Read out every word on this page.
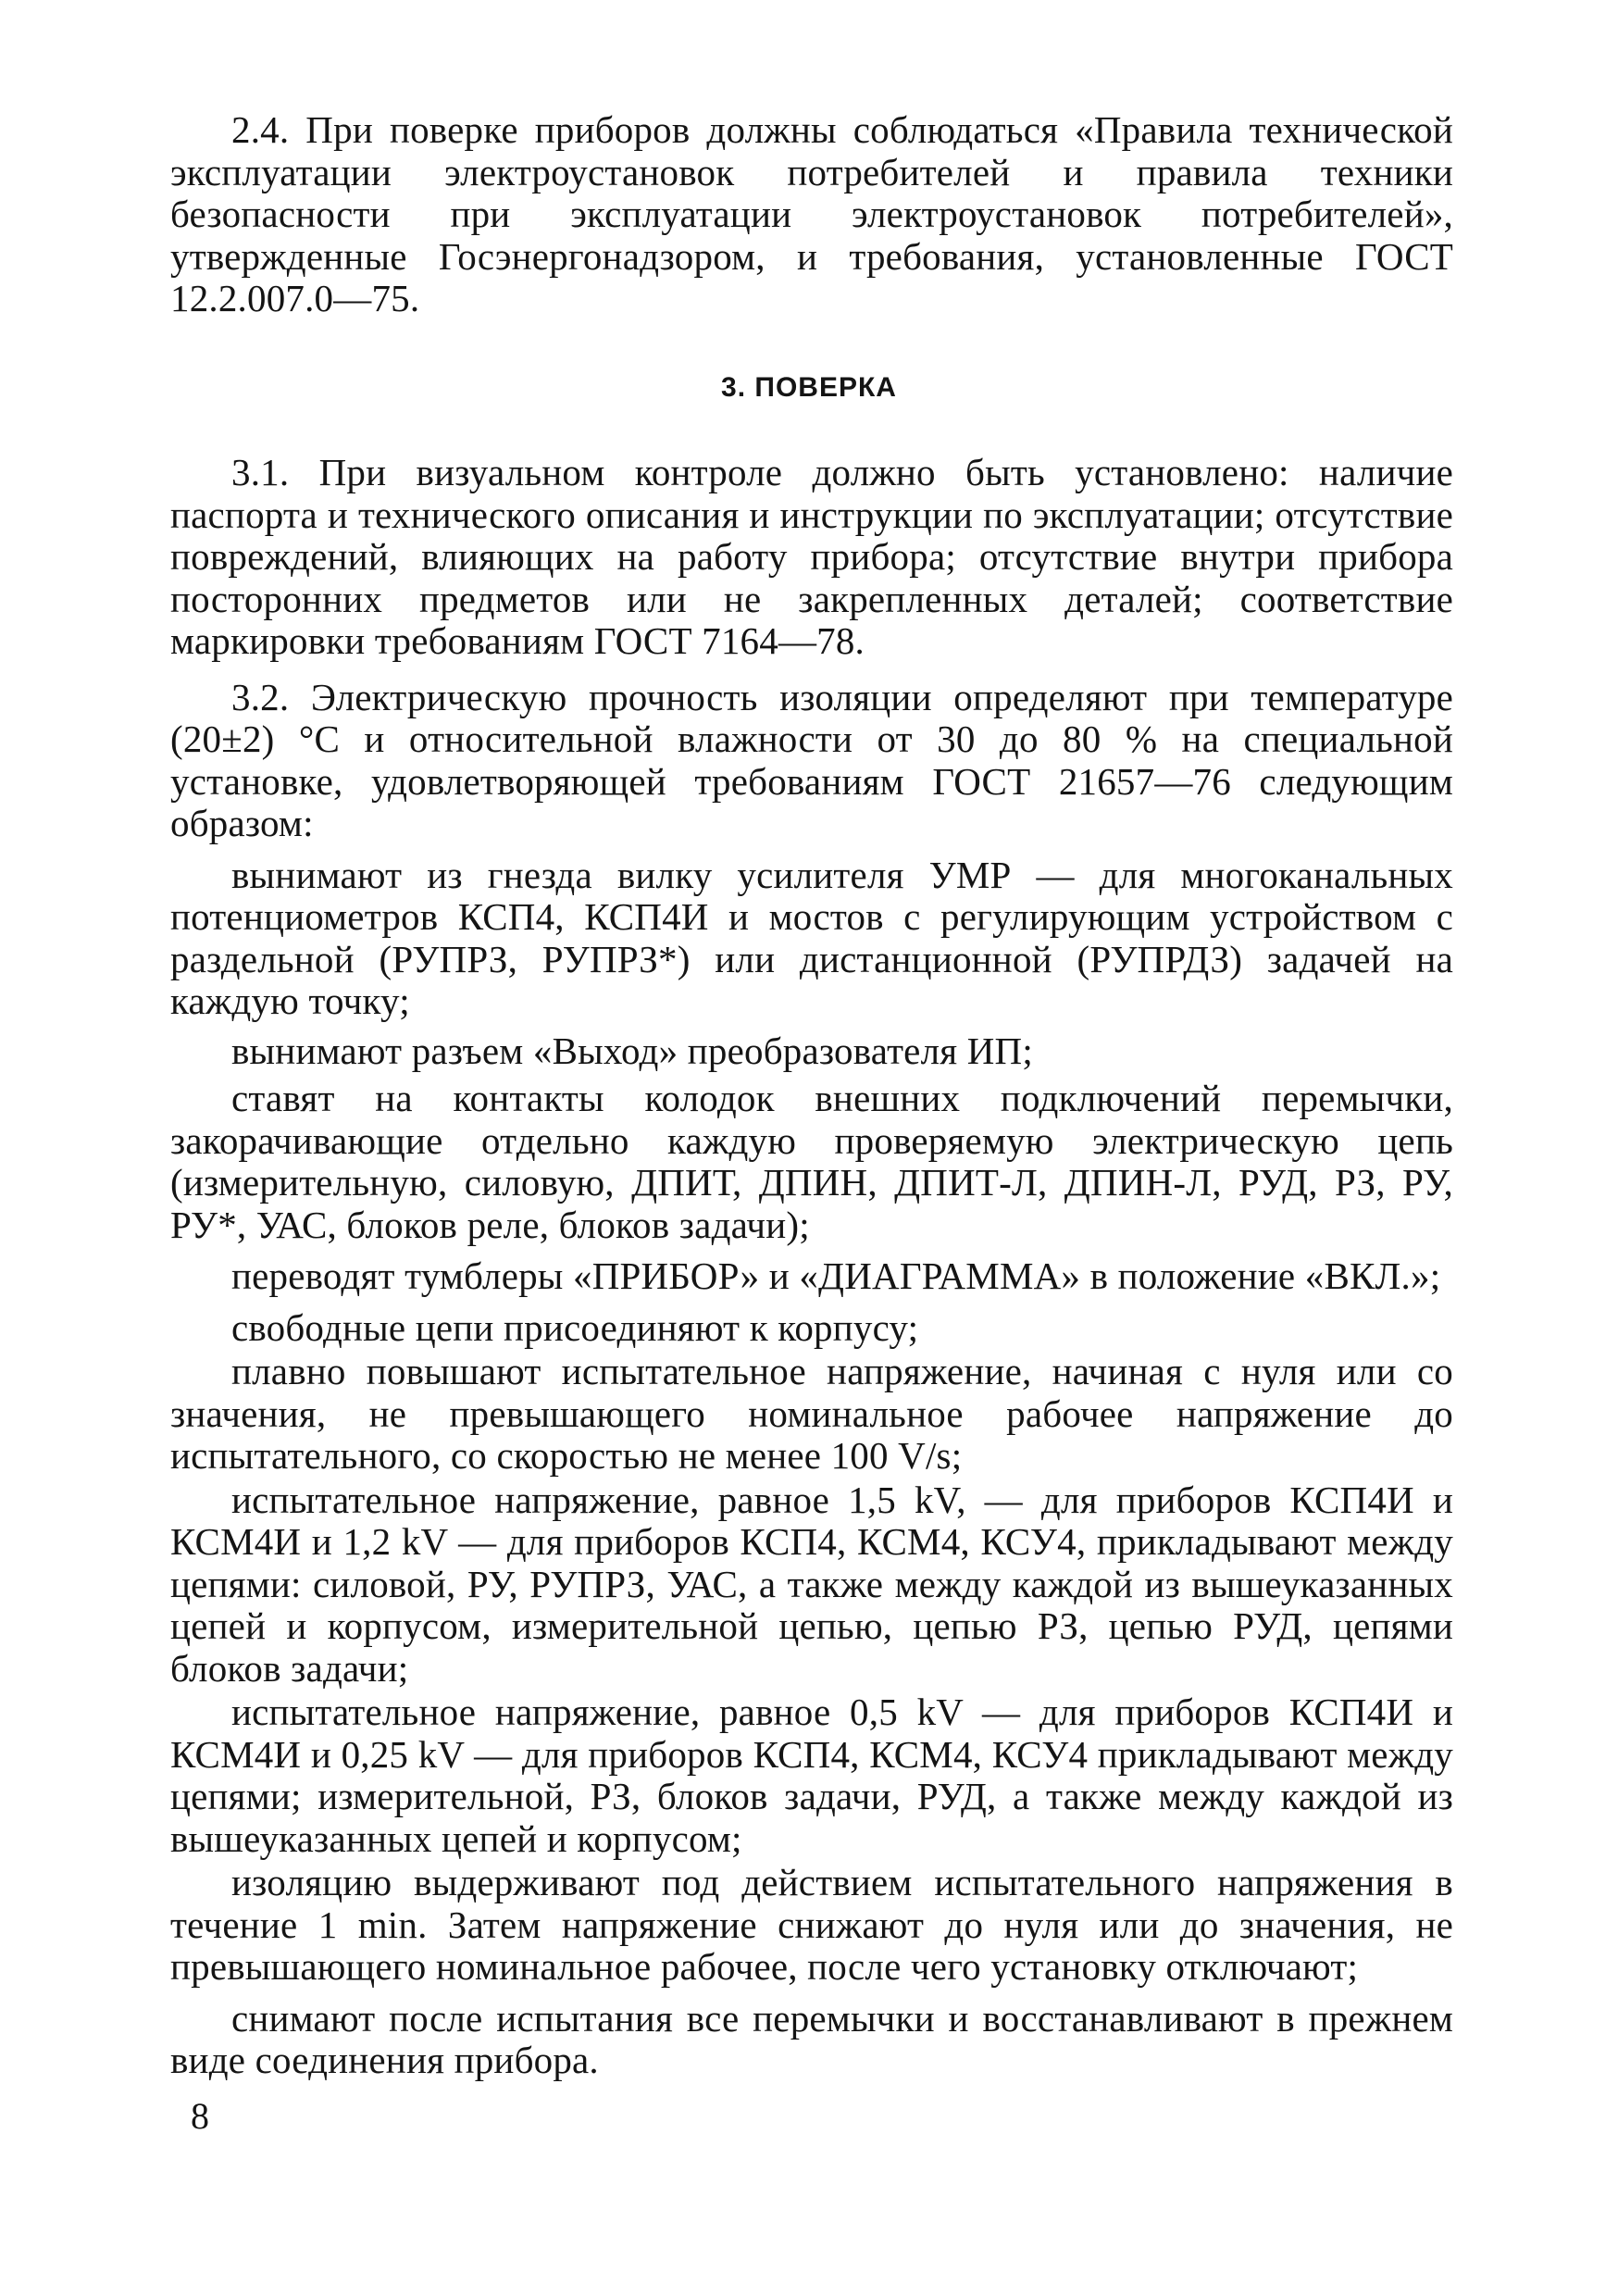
2.4. При поверке приборов должны соблюдаться «Правила технической эксплуатации электроустановок потребителей и правила техники безопасности при эксплуатации электроустановок потребителей», утвержденные Госэнергонадзором, и требования, установленные ГОСТ 12.2.007.0—75.

3. ПОВЕРКА

3.1. При визуальном контроле должно быть установлено: наличие паспорта и технического описания и инструкции по эксплуатации; отсутствие повреждений, влияющих на работу прибора; отсутствие внутри прибора посторонних предметов или не закрепленных деталей; соответствие маркировки требованиям ГОСТ 7164—78.

3.2. Электрическую прочность изоляции определяют при температуре (20±2) °С и относительной влажности от 30 до 80 % на специальной установке, удовлетворяющей требованиям ГОСТ 21657—76 следующим образом:

вынимают из гнезда вилку усилителя УМР — для многоканальных потенциометров КСП4, КСП4И и мостов с регулирующим устройством с раздельной (РУПРЗ, РУПРЗ*) или дистанционной (РУПРДЗ) задачей на каждую точку;

вынимают разъем «Выход» преобразователя ИП;

ставят на контакты колодок внешних подключений перемычки, закорачивающие отдельно каждую проверяемую электрическую цепь (измерительную, силовую, ДПИТ, ДПИН, ДПИТ-Л, ДПИН-Л, РУД, РЗ, РУ, РУ*, УАС, блоков реле, блоков задачи);

переводят тумблеры «ПРИБОР» и «ДИАГРАММА» в положение «ВКЛ.»;

свободные цепи присоединяют к корпусу;

плавно повышают испытательное напряжение, начиная с нуля или со значения, не превышающего номинальное рабочее напряжение до испытательного, со скоростью не менее 100 V/s;

испытательное напряжение, равное 1,5 kV, — для приборов КСП4И и КСМ4И и 1,2 kV — для приборов КСП4, КСМ4, КСУ4, прикладывают между цепями: силовой, РУ, РУПРЗ, УАС, а также между каждой из вышеуказанных цепей и корпусом, измерительной цепью, цепью РЗ, цепью РУД, цепями блоков задачи;

испытательное напряжение, равное 0,5 kV — для приборов КСП4И и КСМ4И и 0,25 kV — для приборов КСП4, КСМ4, КСУ4 прикладывают между цепями; измерительной, РЗ, блоков задачи, РУД, а также между каждой из вышеуказанных цепей и корпусом;

изоляцию выдерживают под действием испытательного напряжения в течение 1 min. Затем напряжение снижают до нуля или до значения, не превышающего номинальное рабочее, после чего установку отключают;

снимают после испытания все перемычки и восстанавливают в прежнем виде соединения прибора.

8
